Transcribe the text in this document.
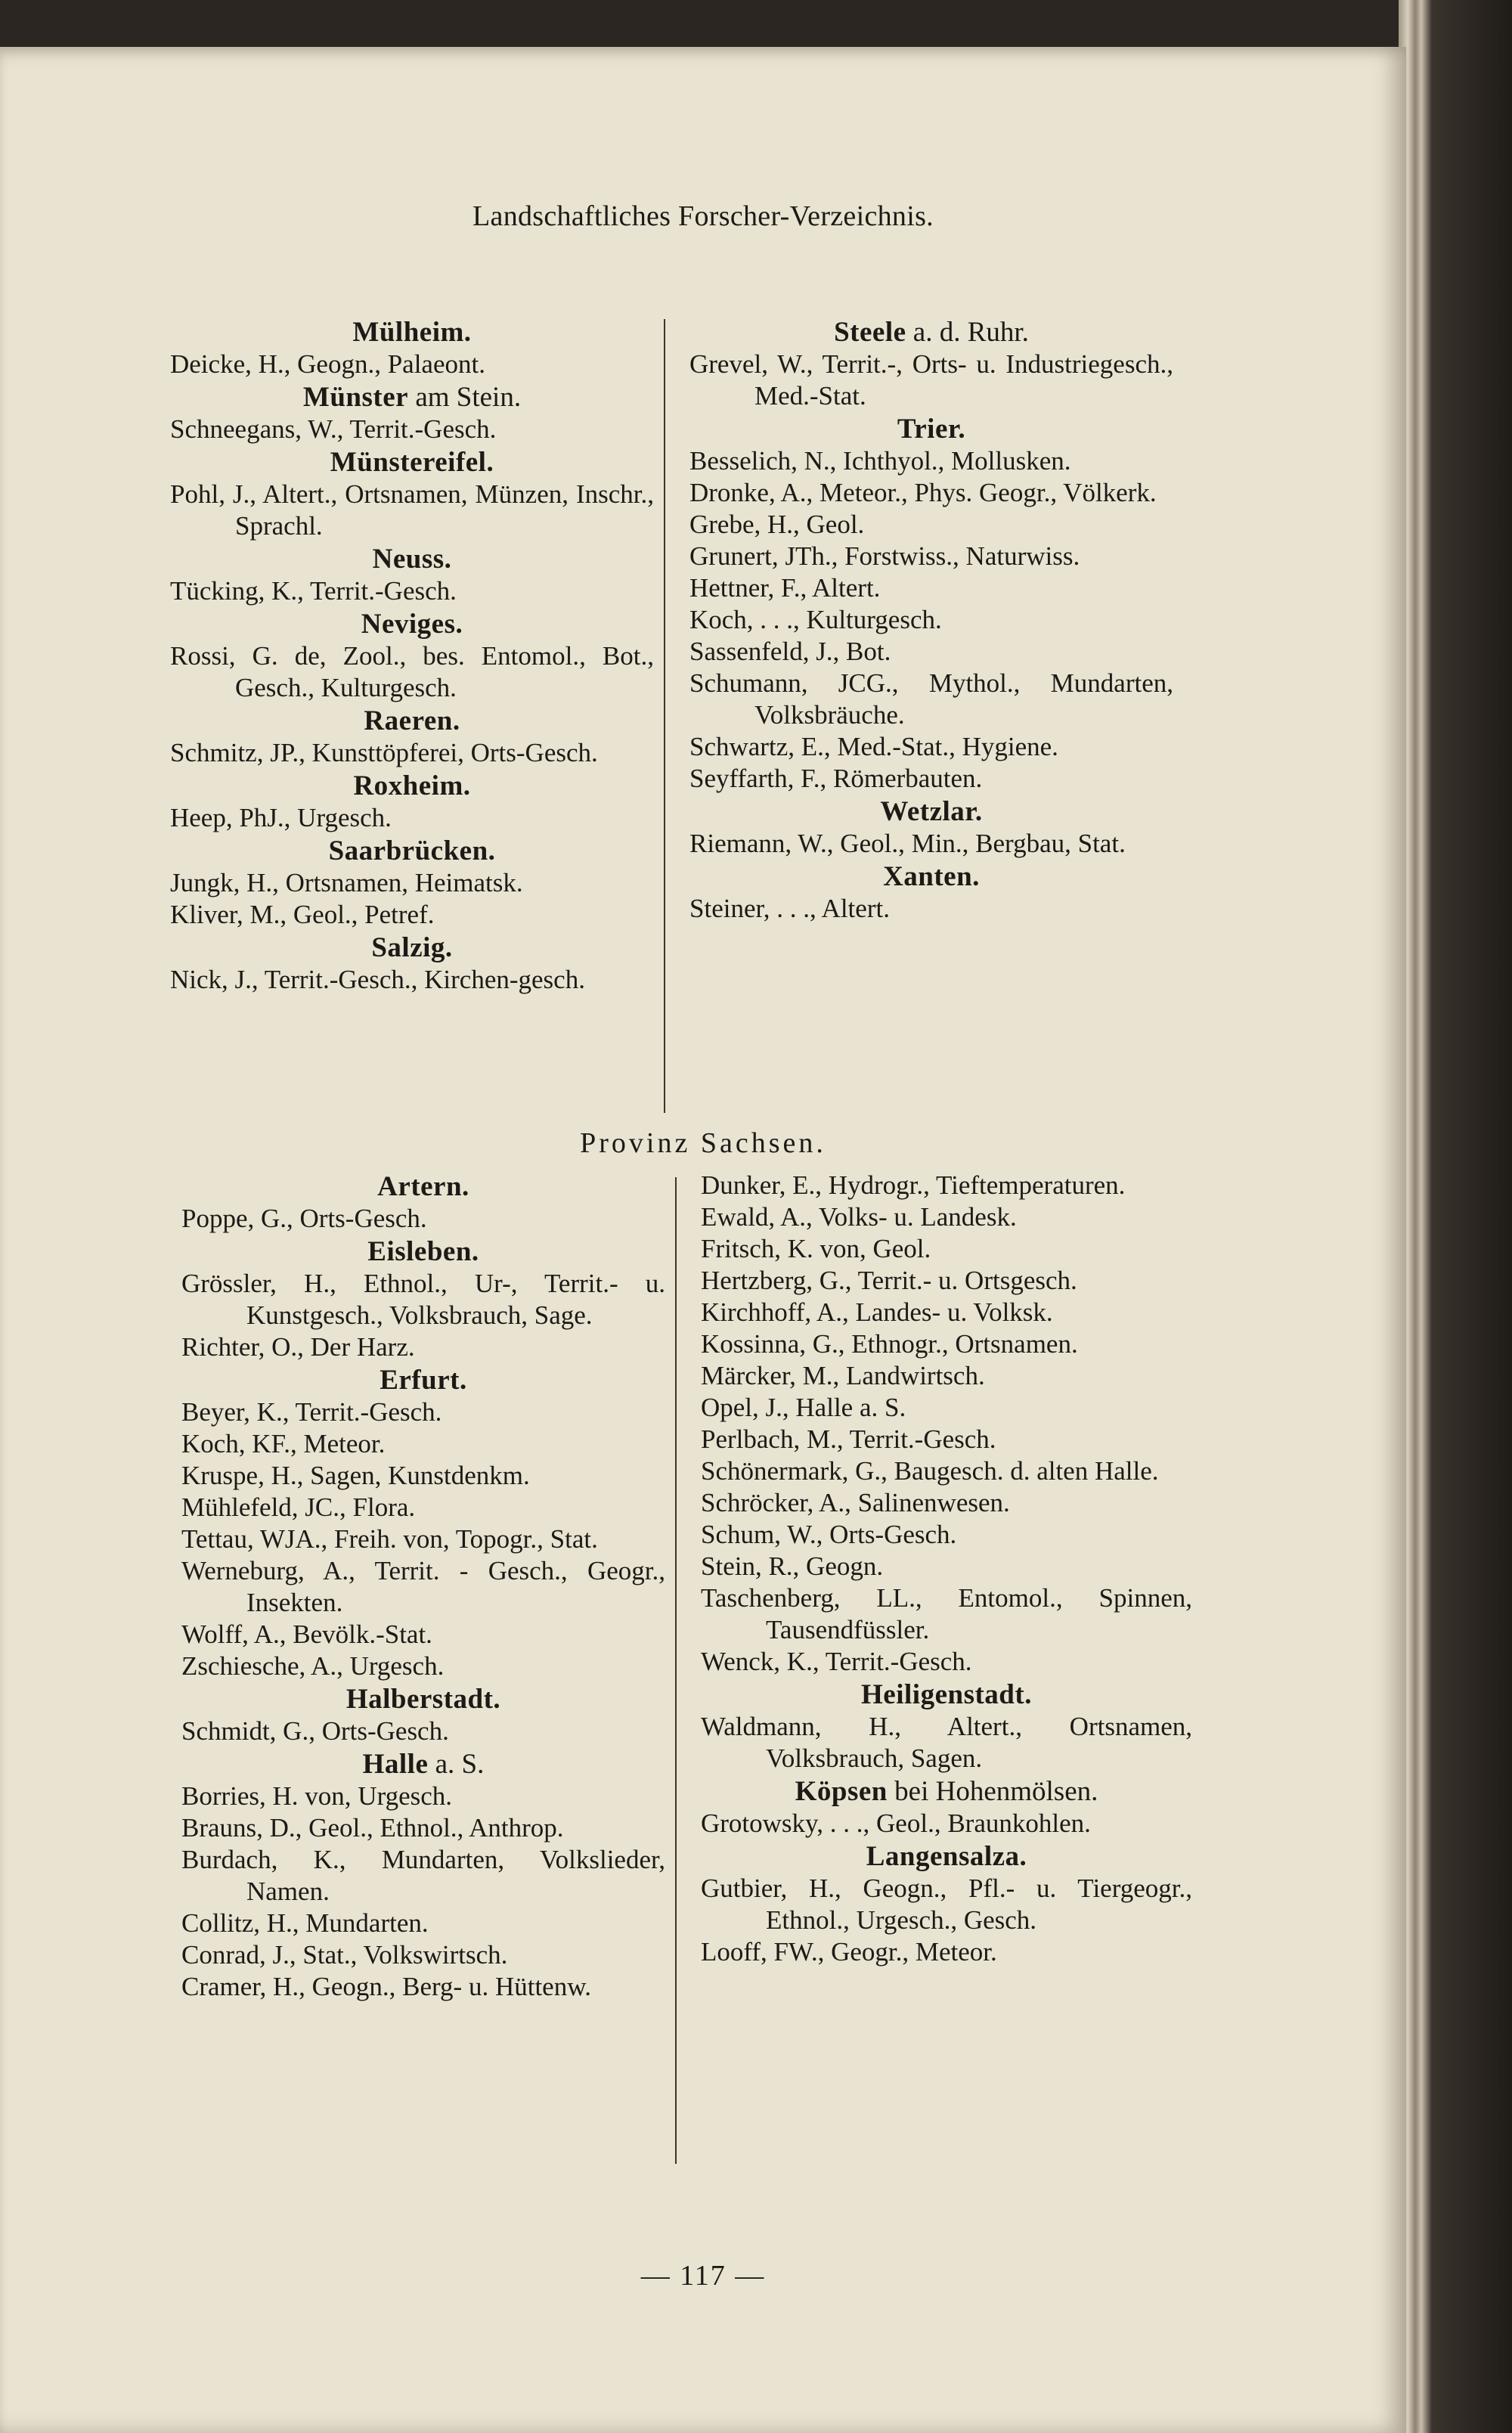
Landschaftliches Forscher-Verzeichnis.
Mülheim.
Deicke, H., Geogn., Palaeont.
Münster am Stein.
Schneegans, W., Territ.-Gesch.
Münstereifel.
Pohl, J., Altert., Ortsnamen, Münzen, Inschr., Sprachl.
Neuss.
Tücking, K., Territ.-Gesch.
Neviges.
Rossi, G. de, Zool., bes. Entomol., Bot., Gesch., Kulturgesch.
Raeren.
Schmitz, JP., Kunsttöpferei, Orts-Gesch.
Roxheim.
Heep, PhJ., Urgesch.
Saarbrücken.
Jungk, H., Ortsnamen, Heimatsk.
Kliver, M., Geol., Petref.
Salzig.
Nick, J., Territ.-Gesch., Kirchen-gesch.
Steele a. d. Ruhr.
Grevel, W., Territ.-, Orts- u. Industriegesch., Med.-Stat.
Trier.
Besselich, N., Ichthyol., Mollusken.
Dronke, A., Meteor., Phys. Geogr., Völkerk.
Grebe, H., Geol.
Grunert, JTh., Forstwiss., Naturwiss.
Hettner, F., Altert.
Koch, . . ., Kulturgesch.
Sassenfeld, J., Bot.
Schumann, JCG., Mythol., Mundarten, Volksbräuche.
Schwartz, E., Med.-Stat., Hygiene.
Seyffarth, F., Römerbauten.
Wetzlar.
Riemann, W., Geol., Min., Bergbau, Stat.
Xanten.
Steiner, . . ., Altert.
Provinz Sachsen.
Artern.
Poppe, G., Orts-Gesch.
Eisleben.
Grössler, H., Ethnol., Ur-, Territ.- u. Kunstgesch., Volksbrauch, Sage.
Richter, O., Der Harz.
Erfurt.
Beyer, K., Territ.-Gesch.
Koch, KF., Meteor.
Kruspe, H., Sagen, Kunstdenkm.
Mühlefeld, JC., Flora.
Tettau, WJA., Freih. von, Topogr., Stat.
Werneburg, A., Territ. - Gesch., Geogr., Insekten.
Wolff, A., Bevölk.-Stat.
Zschiesche, A., Urgesch.
Halberstadt.
Schmidt, G., Orts-Gesch.
Halle a. S.
Borries, H. von, Urgesch.
Brauns, D., Geol., Ethnol., Anthrop.
Burdach, K., Mundarten, Volkslieder, Namen.
Collitz, H., Mundarten.
Conrad, J., Stat., Volkswirtsch.
Cramer, H., Geogn., Berg- u. Hüttenw.
Dunker, E., Hydrogr., Tieftemperaturen.
Ewald, A., Volks- u. Landesk.
Fritsch, K. von, Geol.
Hertzberg, G., Territ.- u. Ortsgesch.
Kirchhoff, A., Landes- u. Volksk.
Kossinna, G., Ethnogr., Ortsnamen.
Märcker, M., Landwirtsch.
Opel, J., Halle a. S.
Perlbach, M., Territ.-Gesch.
Schönermark, G., Baugesch. d. alten Halle.
Schröcker, A., Salinenwesen.
Schum, W., Orts-Gesch.
Stein, R., Geogn.
Taschenberg, LL., Entomol., Spinnen, Tausendfüssler.
Wenck, K., Territ.-Gesch.
Heiligenstadt.
Waldmann, H., Altert., Ortsnamen, Volksbrauch, Sagen.
Köpsen bei Hohenmölsen.
Grotowsky, . . ., Geol., Braunkohlen.
Langensalza.
Gutbier, H., Geogn., Pfl.- u. Tiergeogr., Ethnol., Urgesch., Gesch.
Looff, FW., Geogr., Meteor.
— 117 —
